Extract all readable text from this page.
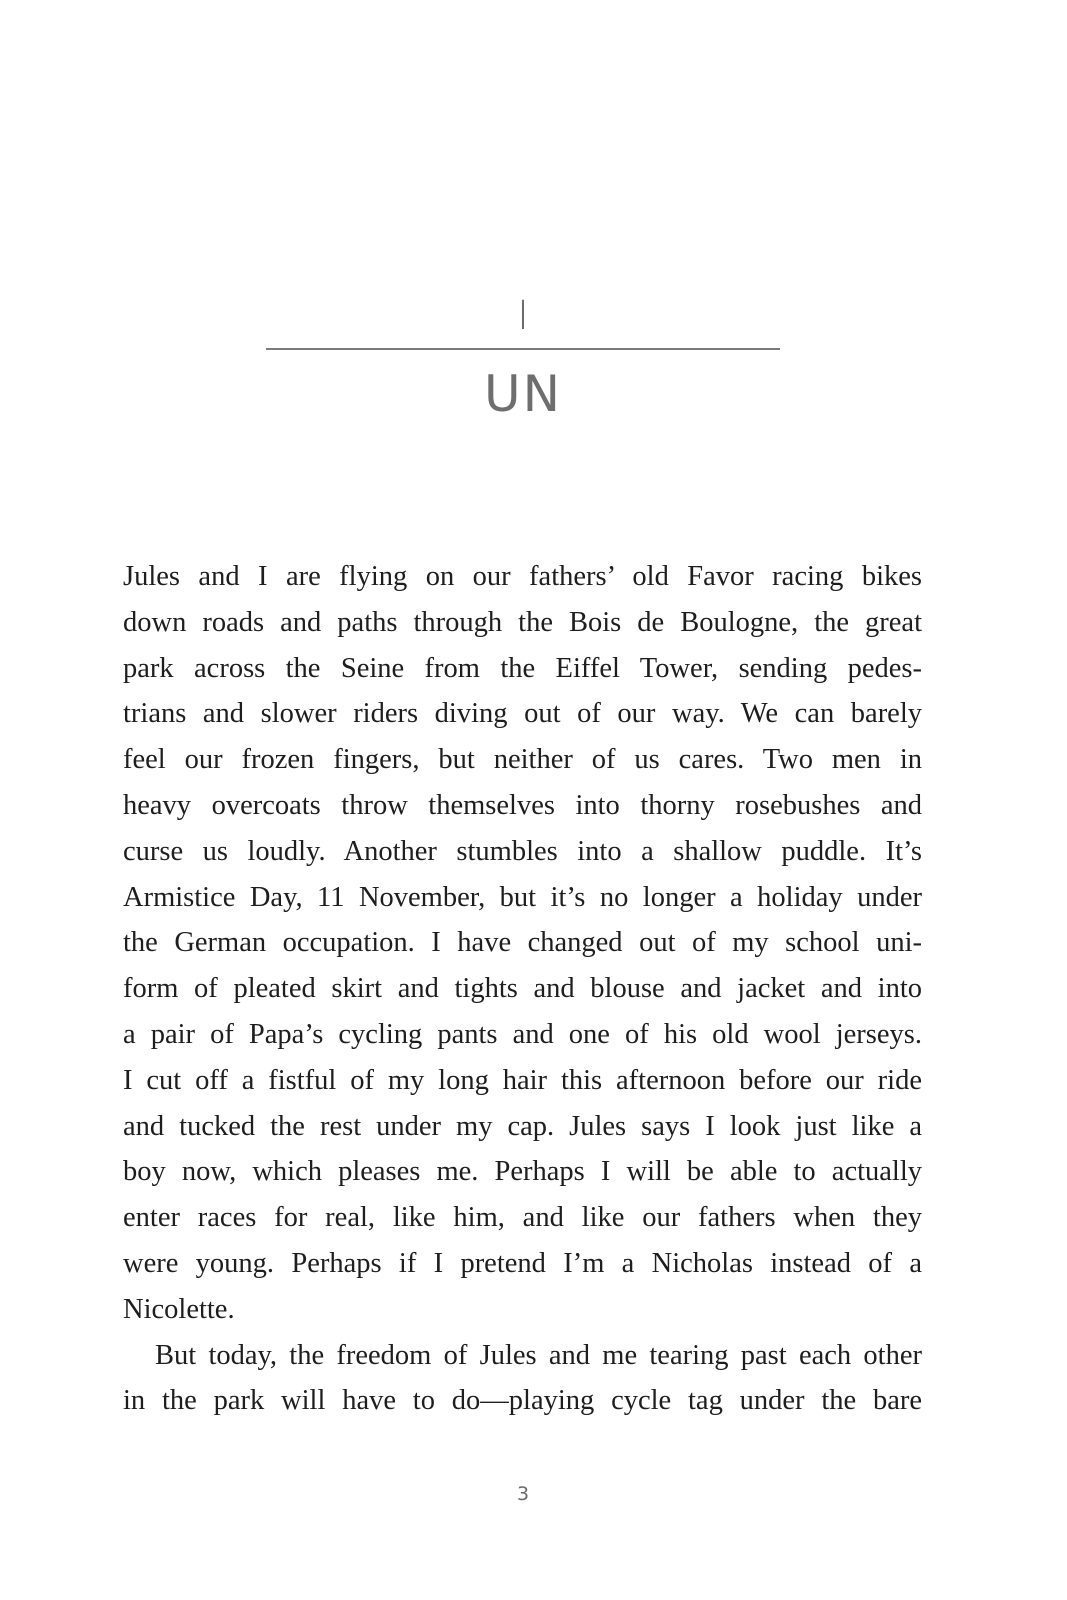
I
UN
Jules and I are flying on our fathers’ old Favor racing bikes
down roads and paths through the Bois de Boulogne, the great
park across the Seine from the Eiffel Tower, sending pedes-
trians and slower riders diving out of our way. We can barely
feel our frozen fingers, but neither of us cares. Two men in
heavy overcoats throw themselves into thorny rosebushes and
curse us loudly. Another stumbles into a shallow puddle. It’s
Armistice Day, 11 November, but it’s no longer a holiday under
the German occupation. I have changed out of my school uni-
form of pleated skirt and tights and blouse and jacket and into
a pair of Papa’s cycling pants and one of his old wool jerseys.
I cut off a fistful of my long hair this afternoon before our ride
and tucked the rest under my cap. Jules says I look just like a
boy now, which pleases me. Perhaps I will be able to actually
enter races for real, like him, and like our fathers when they
were young. Perhaps if I pretend I’m a Nicholas instead of a
Nicolette.
But today, the freedom of Jules and me tearing past each other
in the park will have to do—playing cycle tag under the bare
3
